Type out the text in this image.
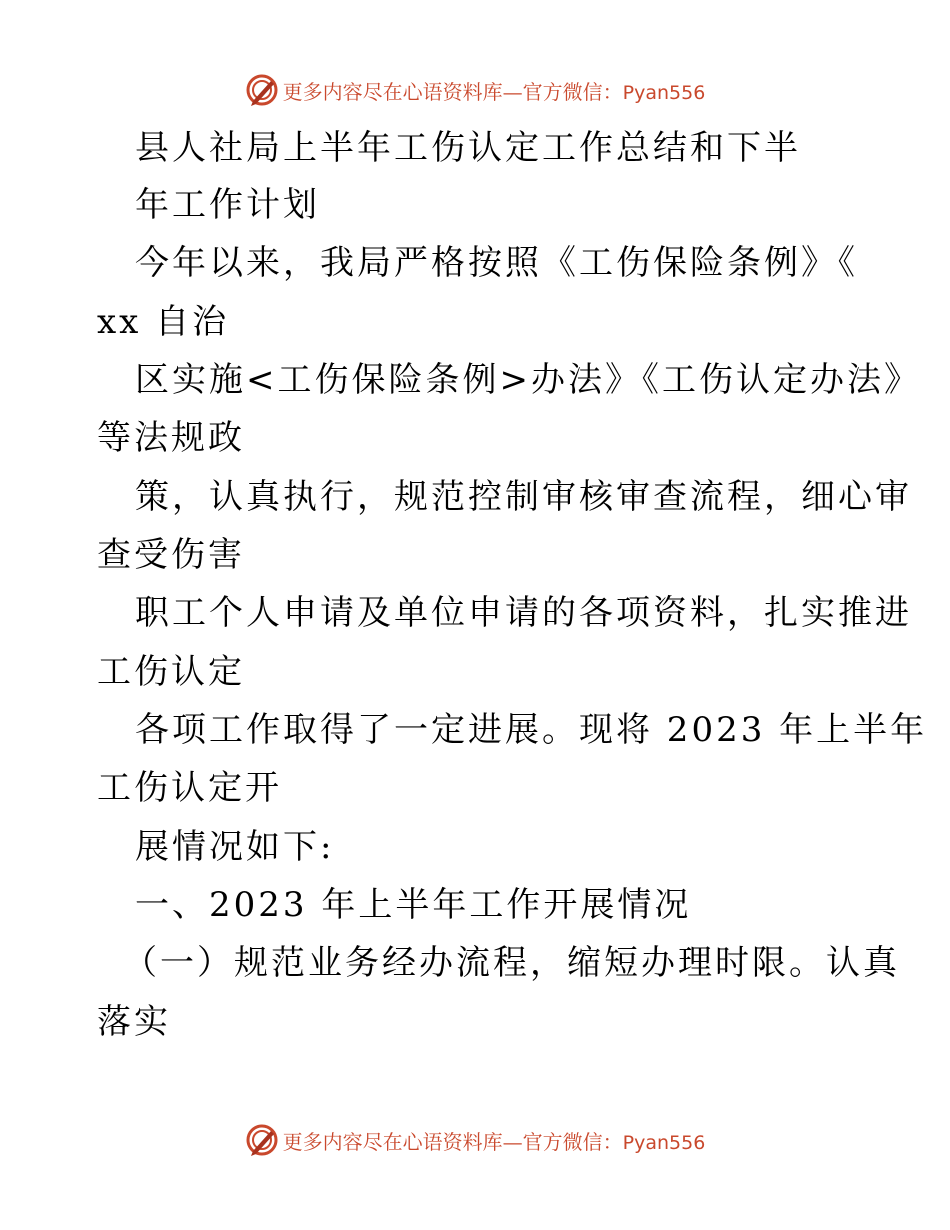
更多内容尽在心语资料库—官方微信：Pyan556
县人社局上半年工伤认定工作总结和下半
年工作计划
今年以来，我局严格按照《工伤保险条例》《
xx 自治
区实施<工伤保险条例>办法》《工伤认定办法》
等法规政
策，认真执行，规范控制审核审查流程，细心审
查受伤害
职工个人申请及单位申请的各项资料，扎实推进
工伤认定
各项工作取得了一定进展。现将 2023 年上半年
工伤认定开
展情况如下:
一、2023 年上半年工作开展情况
（一）规范业务经办流程，缩短办理时限。认真
落实
更多内容尽在心语资料库—官方微信：Pyan556
